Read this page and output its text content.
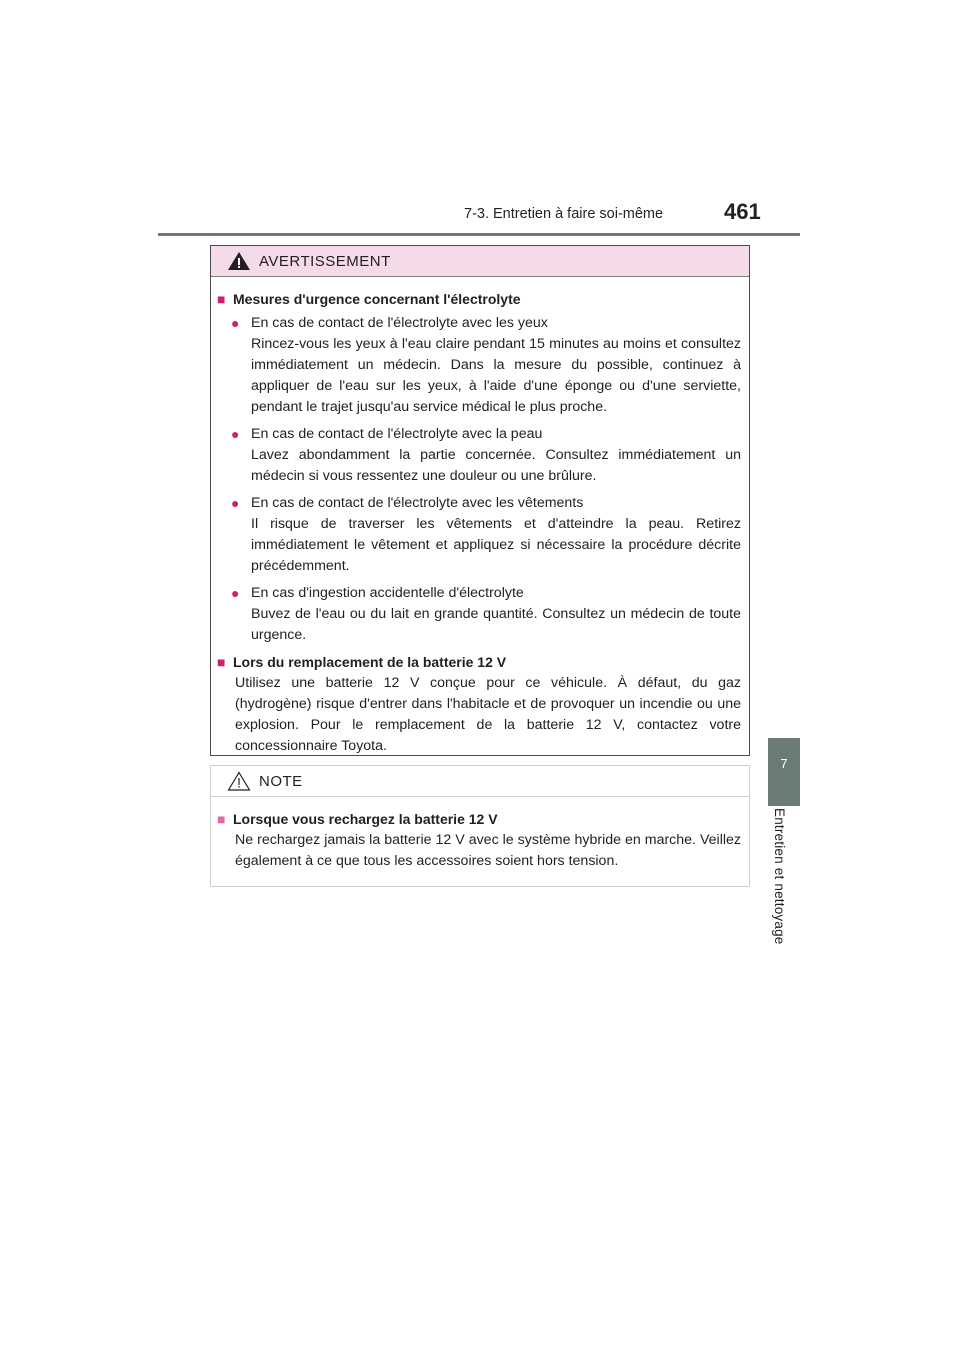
7-3. Entretien à faire soi-même	461
7
Entretien et nettoyage
AVERTISSEMENT
■ Mesures d'urgence concernant l'électrolyte
● En cas de contact de l'électrolyte avec les yeux
Rincez-vous les yeux à l'eau claire pendant 15 minutes au moins et consultez immédiatement un médecin. Dans la mesure du possible, continuez à appliquer de l'eau sur les yeux, à l'aide d'une éponge ou d'une serviette, pendant le trajet jusqu'au service médical le plus proche.
● En cas de contact de l'électrolyte avec la peau
Lavez abondamment la partie concernée. Consultez immédiatement un médecin si vous ressentez une douleur ou une brûlure.
● En cas de contact de l'électrolyte avec les vêtements
Il risque de traverser les vêtements et d'atteindre la peau. Retirez immédiatement le vêtement et appliquez si nécessaire la procédure décrite précédemment.
● En cas d'ingestion accidentelle d'électrolyte
Buvez de l'eau ou du lait en grande quantité. Consultez un médecin de toute urgence.
■ Lors du remplacement de la batterie 12 V
Utilisez une batterie 12 V conçue pour ce véhicule. À défaut, du gaz (hydrogène) risque d'entrer dans l'habitacle et de provoquer un incendie ou une explosion. Pour le remplacement de la batterie 12 V, contactez votre concessionnaire Toyota.
NOTE
■ Lorsque vous rechargez la batterie 12 V
Ne rechargez jamais la batterie 12 V avec le système hybride en marche. Veillez également à ce que tous les accessoires soient hors tension.
